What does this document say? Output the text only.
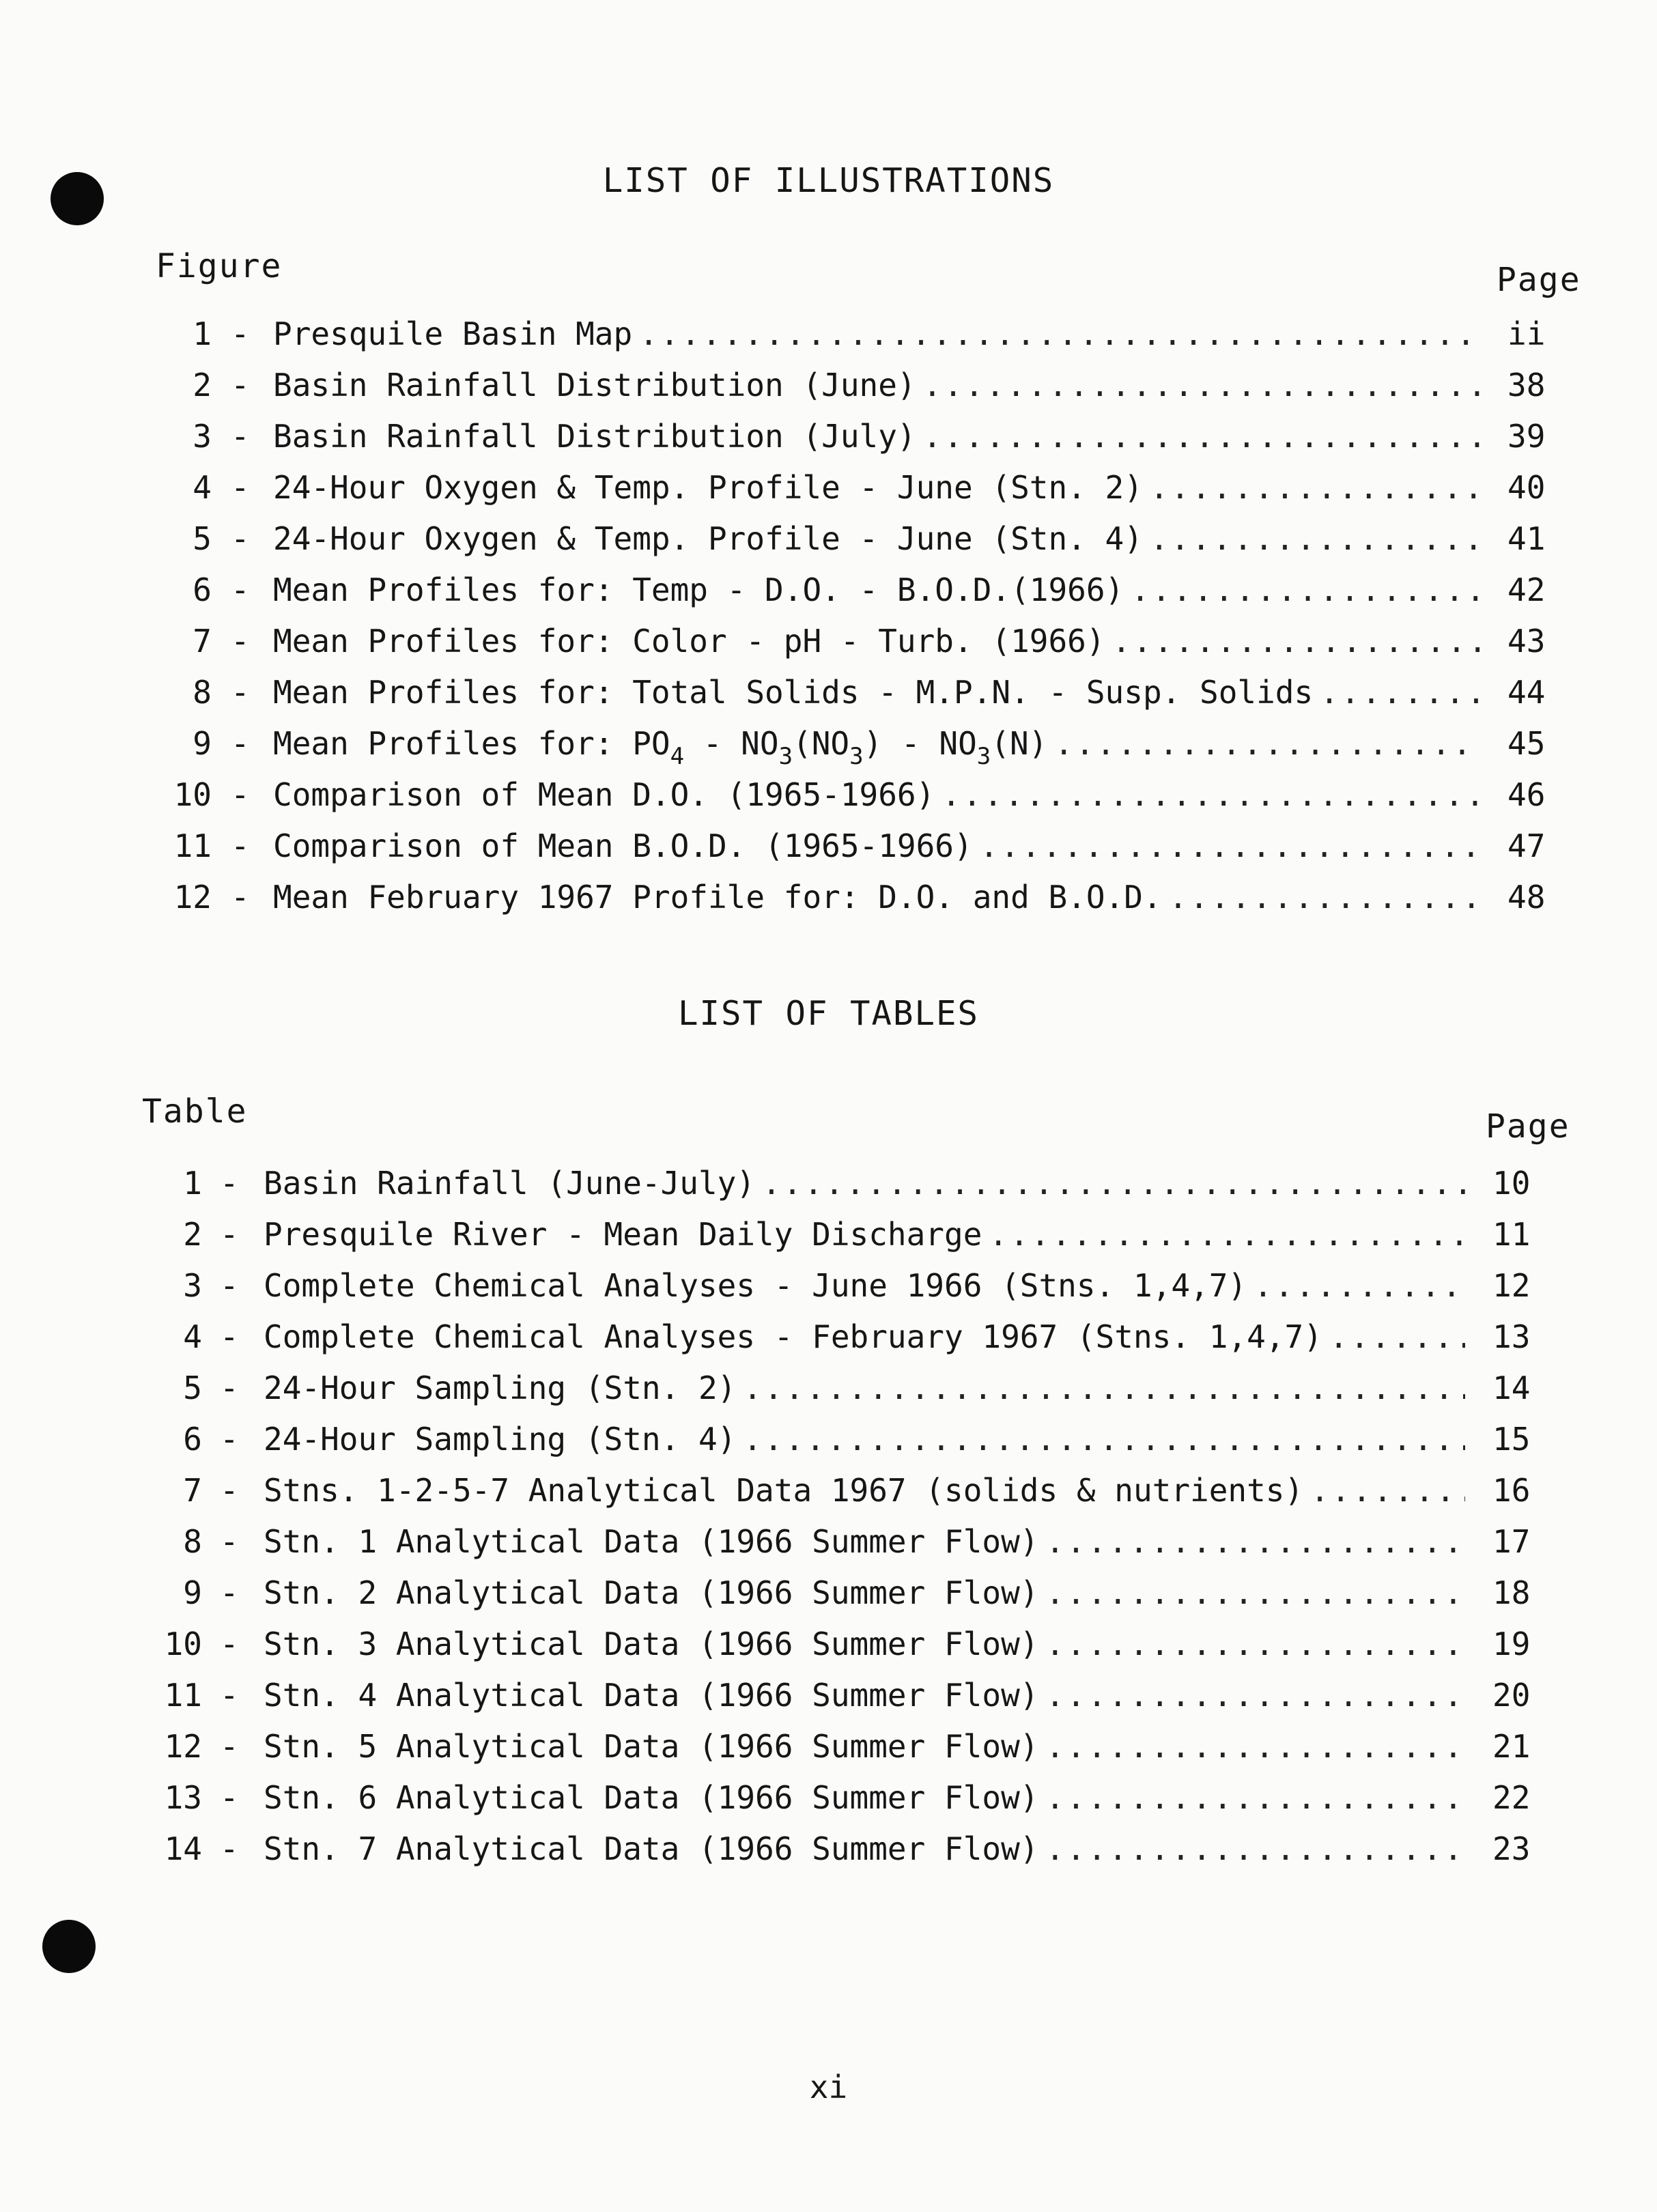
LIST OF ILLUSTRATIONS
Figure	Page
1 - Presquile Basin Map .....	ii
2 - Basin Rainfall Distribution (June) .....	38
3 - Basin Rainfall Distribution (July) .....	39
4 - 24-Hour Oxygen & Temp. Profile - June (Stn. 2) .....	40
5 - 24-Hour Oxygen & Temp. Profile - June (Stn. 4) .....	41
6 - Mean Profiles for: Temp - D.O. - B.O.D.(1966) .....	42
7 - Mean Profiles for: Color - pH - Turb. (1966) .....	43
8 - Mean Profiles for: Total Solids - M.P.N. - Susp. Solids .....	44
9 - Mean Profiles for: $PO_4 - NO_3(NO_3) - NO_3(N)$ .....	45
10 - Comparison of Mean D.O. (1965-1966) .....	46
11 - Comparison of Mean B.O.D. (1965-1966) .....	47
12 - Mean February 1967 Profile for: D.O. and B.O.D. .....	48
LIST OF TABLES
Table	Page
1 - Basin Rainfall (June-July) .....	10
2 - Presquile River - Mean Daily Discharge .....	11
3 - Complete Chemical Analyses - June 1966 (Stns. 1,4,7) .....	12
4 - Complete Chemical Analyses - February 1967 (Stns. 1,4,7) .....	13
5 - 24-Hour Sampling (Stn. 2) .....	14
6 - 24-Hour Sampling (Stn. 4) .....	15
7 - Stns. 1-2-5-7 Analytical Data 1967 (solids & nutrients) .....	16
8 - Stn. 1 Analytical Data (1966 Summer Flow) .....	17
9 - Stn. 2 Analytical Data (1966 Summer Flow) .....	18
10 - Stn. 3 Analytical Data (1966 Summer Flow) .....	19
11 - Stn. 4 Analytical Data (1966 Summer Flow) .....	20
12 - Stn. 5 Analytical Data (1966 Summer Flow) .....	21
13 - Stn. 6 Analytical Data (1966 Summer Flow) .....	22
14 - Stn. 7 Analytical Data (1966 Summer Flow) .....	23
xi
